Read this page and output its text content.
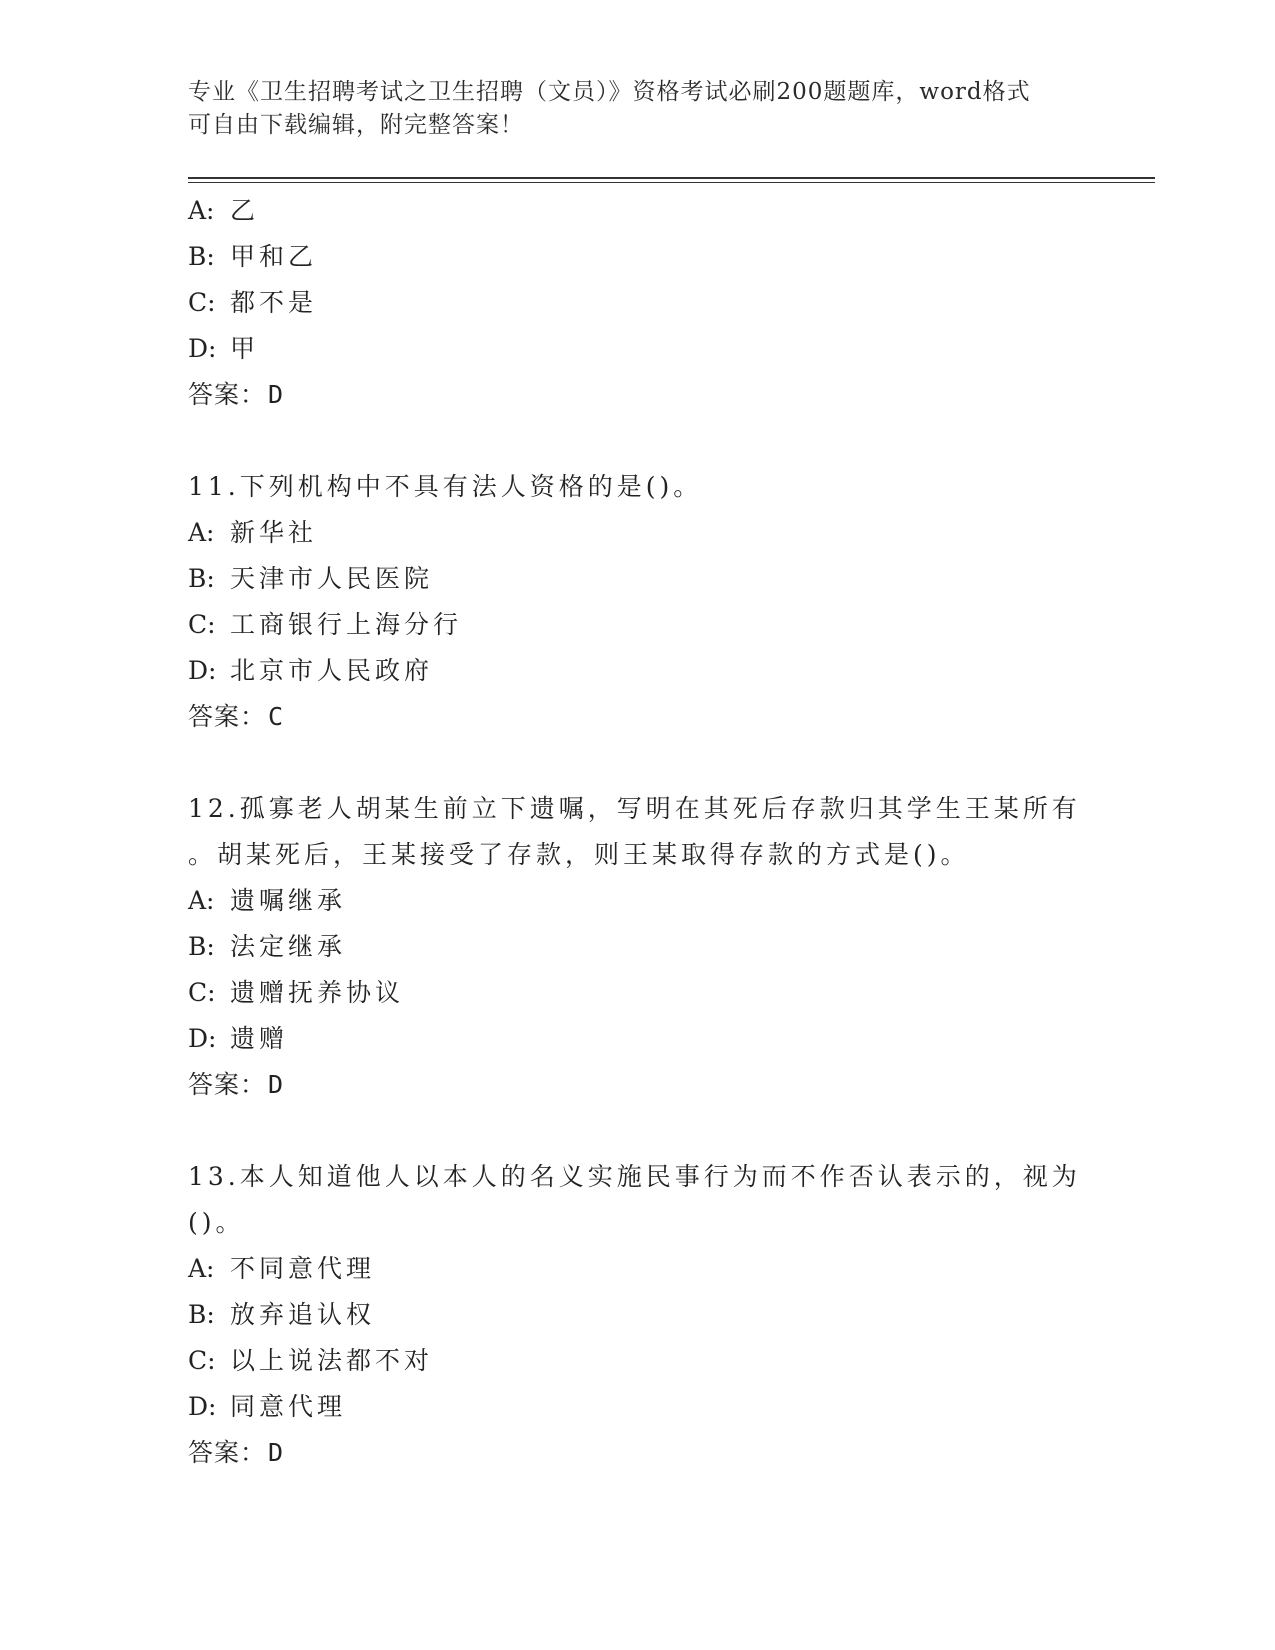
专业《卫生招聘考试之卫生招聘（文员）》资格考试必刷200题题库，word格式
可自由下载编辑，附完整答案！
A: 乙
B: 甲和乙
C: 都不是
D: 甲
答案：D
11.下列机构中不具有法人资格的是()。
A: 新华社
B: 天津市人民医院
C: 工商银行上海分行
D: 北京市人民政府
答案：C
12.孤寡老人胡某生前立下遗嘱，写明在其死后存款归其学生王某所有
。胡某死后，王某接受了存款，则王某取得存款的方式是()。
A: 遗嘱继承
B: 法定继承
C: 遗赠抚养协议
D: 遗赠
答案：D
13.本人知道他人以本人的名义实施民事行为而不作否认表示的，视为
()。
A: 不同意代理
B: 放弃追认权
C: 以上说法都不对
D: 同意代理
答案：D
